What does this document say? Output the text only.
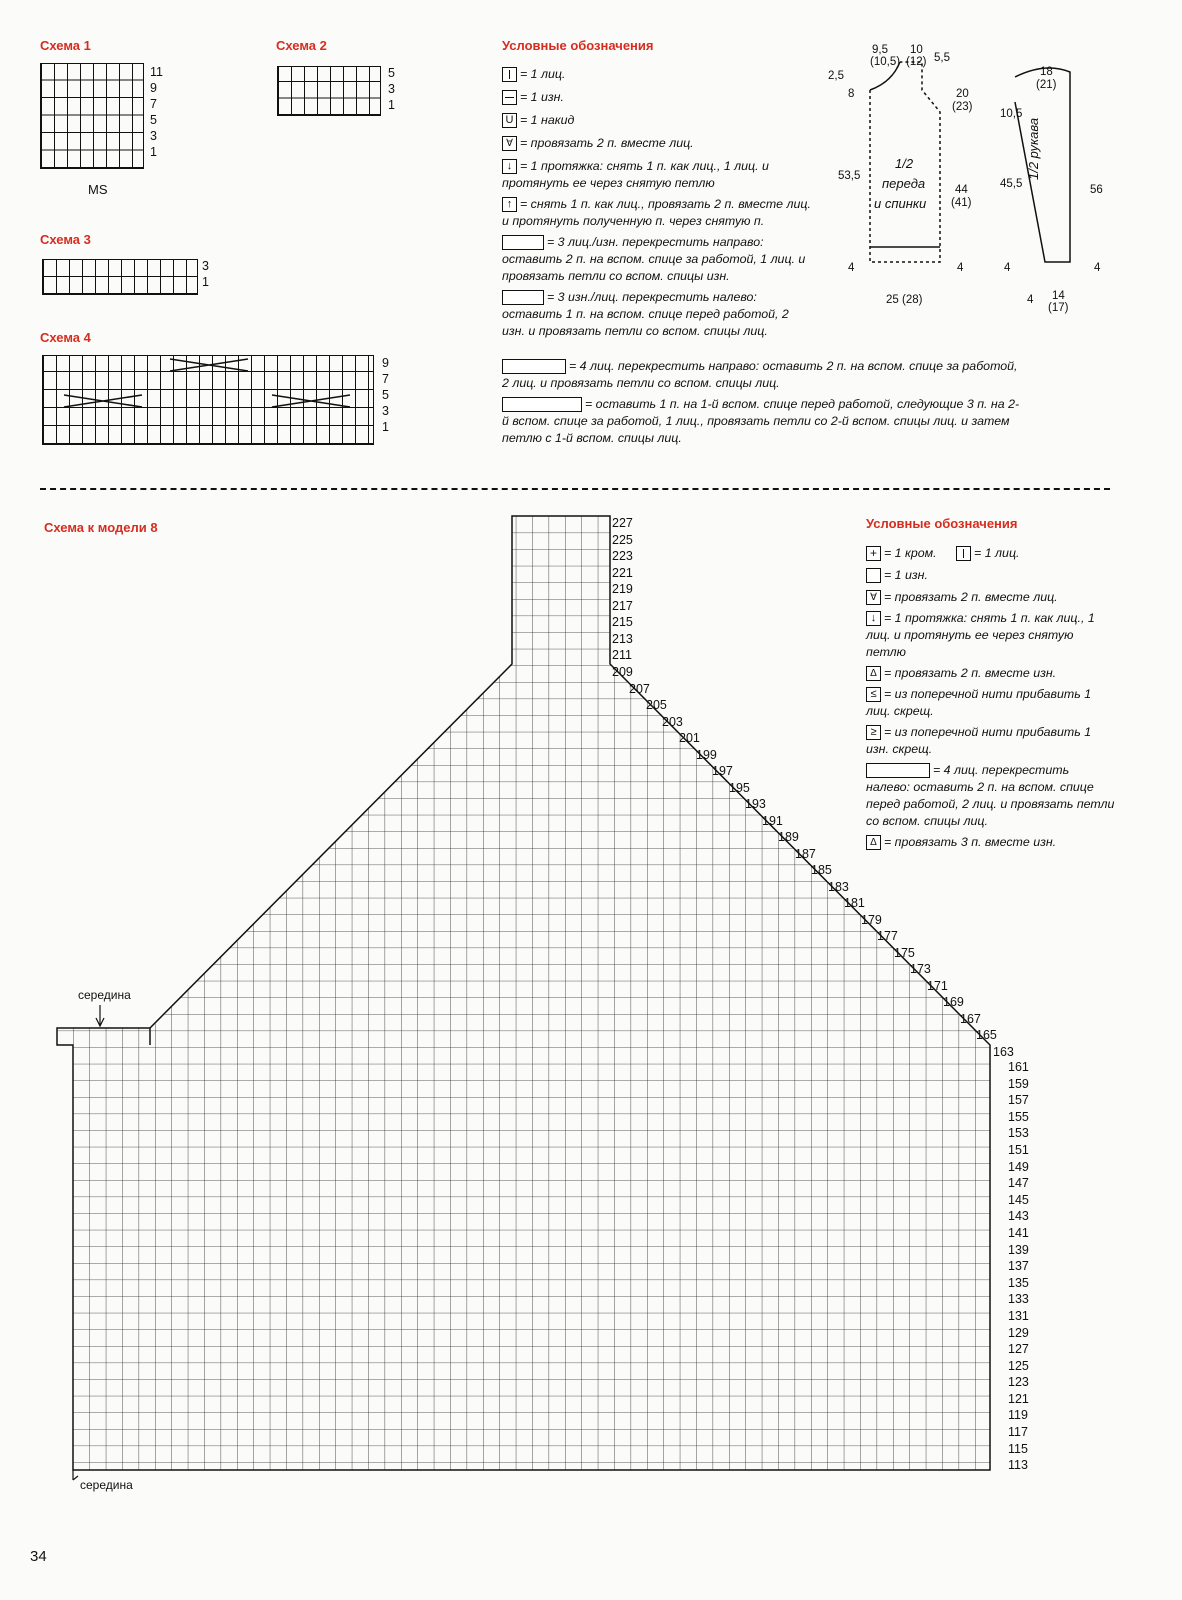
Схема 1
11
9
7
5
3
1
MS
Схема 2
5
3
1
Схема 3
3
1
Схема 4
9
7
5
3
1
Условные обозначения
= 1 лиц.
= 1 изн.
U = 1 накид
∀ = провязать 2 п. вместе лиц.
↓ = 1 протяжка: снять 1 п. как лиц., 1 лиц. и протянуть ее через снятую петлю
↑ = снять 1 п. как лиц., провязать 2 п. вместе лиц. и протянуть полученную п. через снятую п.
= 3 лиц./изн. перекрестить направо: оставить 2 п. на вспом. спице за работой, 1 лиц. и провязать петли со вспом. спицы изн.
= 3 изн./лиц. перекрестить налево: оставить 1 п. на вспом. спице перед работой, 2 изн. и провязать петли со вспом. спицы лиц.
= 4 лиц. перекрестить направо: оставить 2 п. на вспом. спице за работой, 2 лиц. и провязать петли со вспом. спицы лиц.
= оставить 1 п. на 1-й вспом. спице перед работой, следующие 3 п. на 2-й вспом. спице за работой, 1 лиц., провязать петли со 2-й вспом. спицы лиц. и затем петлю с 1-й вспом. спицы лиц.
9,5
(10,5)
10
(12) 5,5
2,5
8	20
(23)
53,5
1/2
переда
и спинки
44
(41)
4	4
25 (28)
18
(21)
10,5
45,5
1/2 рукава
56
4	4
4 14
(17)
Схема к модели 8
середина
середина
227
225
223
221
219
217
215
213
211
209
207
205
203
201
199
197
195
193
191
189
187
185
183
181
179
177
175
173
171
169
167
165
163
161
159
157
155
153
151
149
147
145
143
141
139
137
135
133
131
129
127
125
123
121
119
117
115
113
Условные обозначения
+ = 1 кром.	= 1 лиц.
= 1 изн.
∀ = провязать 2 п. вместе лиц.
↓ = 1 протяжка: снять 1 п. как лиц., 1 лиц. и протянуть ее через снятую петлю
Δ = провязать 2 п. вместе изн.
≤ = из поперечной нити прибавить 1 лиц. скрещ.
≥ = из поперечной нити прибавить 1 изн. скрещ.
= 4 лиц. перекрестить налево: оставить 2 п. на вспом. спице перед работой, 2 лиц. и провязать петли со вспом. спицы лиц.
Δ = провязать 3 п. вместе изн.
34
